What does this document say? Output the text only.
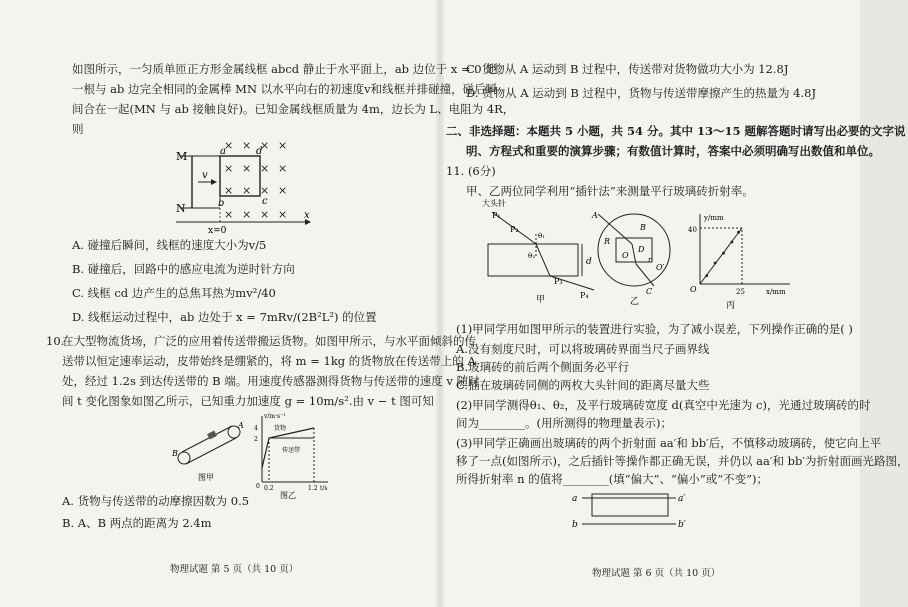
如图所示，一匀质单匝正方形金属线框 abcd 静止于水平面上，ab 边位于 x = 0 处。
一根与 ab 边完全相同的金属棒 MN 以水平向右的初速度v和线框并排碰撞，碰后瞬
间合在一起(MN 与 ab 接触良好)。已知金属线框质量为 4m，边长为 L、电阻为 4R，
则
× × × ×
× × × ×
× × × ×
× × × ×
M
N
a	d
b	c
v
x
x=0
A. 碰撞后瞬间，线框的速度大小为v/5
B. 碰撞后，回路中的感应电流为逆时针方向
C. 线框 cd 边产生的总焦耳热为mv²/40
D. 线框运动过程中，ab 边处于 x = 7mRv/(2B²L²) 的位置
10.
在大型物流货场，广泛的应用着传送带搬运货物。如图甲所示，与水平面倾斜的传
送带以恒定速率运动，皮带始终是绷紧的，将 m = 1kg 的货物放在传送带上的 A
处，经过 1.2s 到达传送带的 B 端。用速度传感器测得货物与传送带的速度 v 随时
间 t 变化图象如图乙所示，已知重力加速度 g = 10m/s².由 v − t 图可知
B
A
图甲
v/m·s⁻¹
货物
传送带
0 0.2	1.2 t/s
4
2
图乙
A. 货物与传送带的动摩擦因数为 0.5
B. A、B 两点的距离为 2.4m
物理试题 第 5 页（共 10 页）
C. 货物从 A 运动到 B 过程中，传送带对货物做功大小为 12.8J
D. 货物从 A 运动到 B 过程中，货物与传送带摩擦产生的热量为 4.8J
二、非选择题：本题共 5 小题，共 54 分。其中 13～15 题解答题时请写出必要的文字说
明、方程式和重要的演算步骤；有数值计算时，答案中必须明确写出数值和单位。
11. (6分)
甲、乙两位同学利用“插针法”来测量平行玻璃砖折射率。
大头针
P₁
P₂
θ₁
θ₂
d
P₃
P₄
甲
A
B
R
D
O	r
O′
C
乙
y/mm
40
25
O	x/mm
丙
(1)甲同学用如图甲所示的装置进行实验，为了减小误差，下列操作正确的是( )
A.没有刻度尺时，可以将玻璃砖界面当尺子画界线
B.玻璃砖的前后两个侧面务必平行
C.插在玻璃砖同侧的两枚大头针间的距离尽量大些
(2)甲同学测得θ₁、θ₂，及平行玻璃砖宽度 d(真空中光速为 c)，光通过玻璃砖的时
间为________。(用所测得的物理量表示)；
(3)甲同学正确画出玻璃砖的两个折射面 aa′和 bb′后，不慎移动玻璃砖，使它向上平
移了一点(如图所示)，之后插针等操作都正确无误，并仍以 aa′和 bb′为折射面画光路图，
所得折射率 n 的值将________(填“偏大”、“偏小”或“不变”)；
a	a′
b	b′
物理试题 第 6 页（共 10 页）
